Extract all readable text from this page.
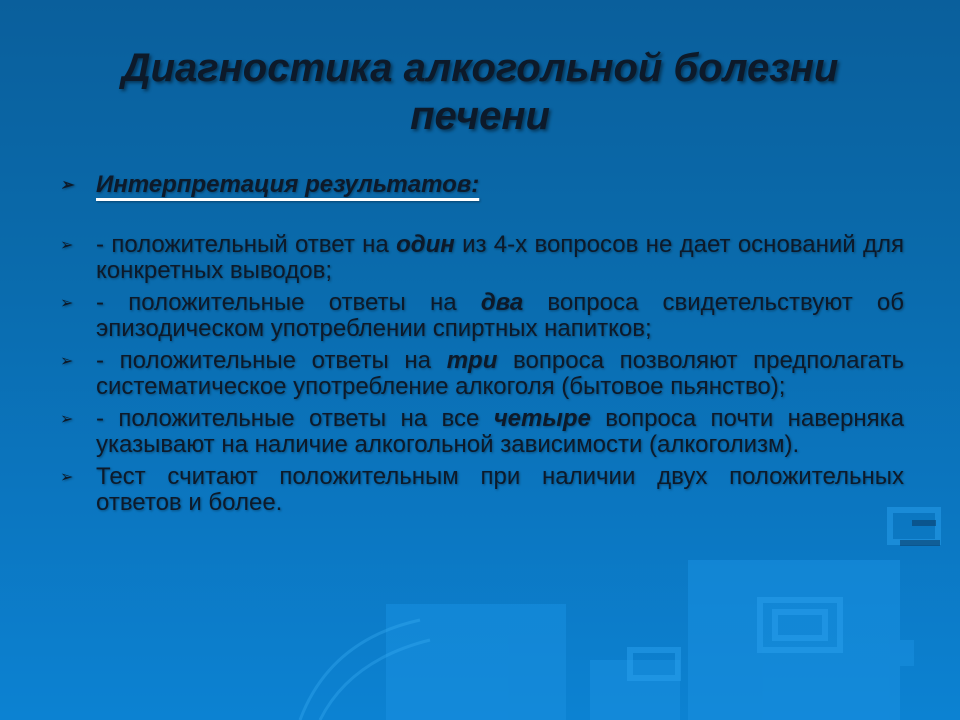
Диагностика алкогольной болезни печени
➢ Интерпретация результатов:
➢ - положительный ответ на один из 4-х вопросов не дает оснований для конкретных выводов;
➢ - положительные ответы на два вопроса свидетельствуют об эпизодическом употреблении спиртных напитков;
➢ - положительные ответы на три вопроса позволяют предполагать систематическое употребление алкоголя (бытовое пьянство);
➢ - положительные ответы на все четыре вопроса почти наверняка указывают на наличие алкогольной зависимости (алкоголизм).
➢ Тест считают положительным при наличии двух положительных ответов и более.
